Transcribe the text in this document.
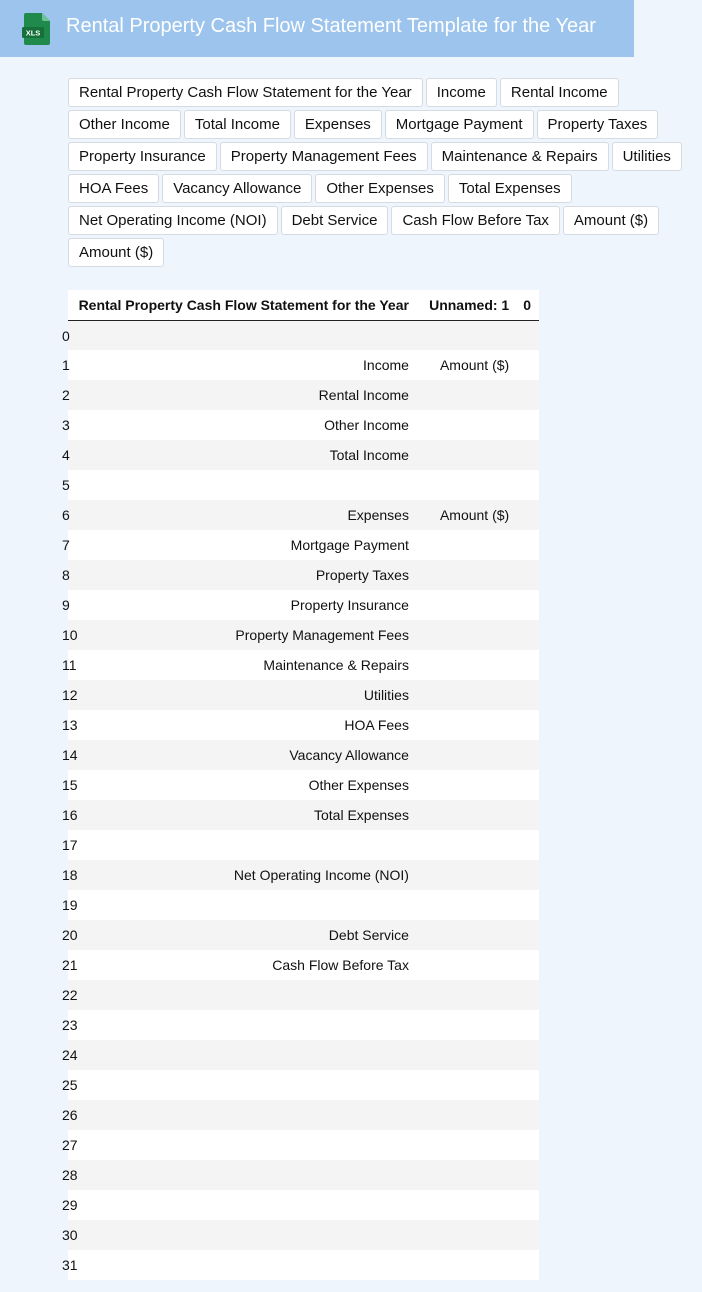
XLS Rental Property Cash Flow Statement Template for the Year
Rental Property Cash Flow Statement for the Year	Income	Rental Income
Other Income	Total Income	Expenses	Mortgage Payment	Property Taxes
Property Insurance	Property Management Fees	Maintenance & Repairs	Utilities
HOA Fees	Vacancy Allowance	Other Expenses	Total Expenses
Net Operating Income (NOI)	Debt Service	Cash Flow Before Tax	Amount ($)
Amount ($)
	Rental Property Cash Flow Statement for the Year	Unnamed: 1	0

0			

1	Income	Amount ($)	

2	Rental Income		

3	Other Income		

4	Total Income		

5			

6	Expenses	Amount ($)	

7	Mortgage Payment		

8	Property Taxes		

9	Property Insurance		

10	Property Management Fees		

11	Maintenance & Repairs		

12	Utilities		

13	HOA Fees		

14	Vacancy Allowance		

15	Other Expenses		

16	Total Expenses		

17			

18	Net Operating Income (NOI)		

19			

20	Debt Service		

21	Cash Flow Before Tax		

22			

23			

24			

25			

26			

27			

28			

29			

30			

31			
